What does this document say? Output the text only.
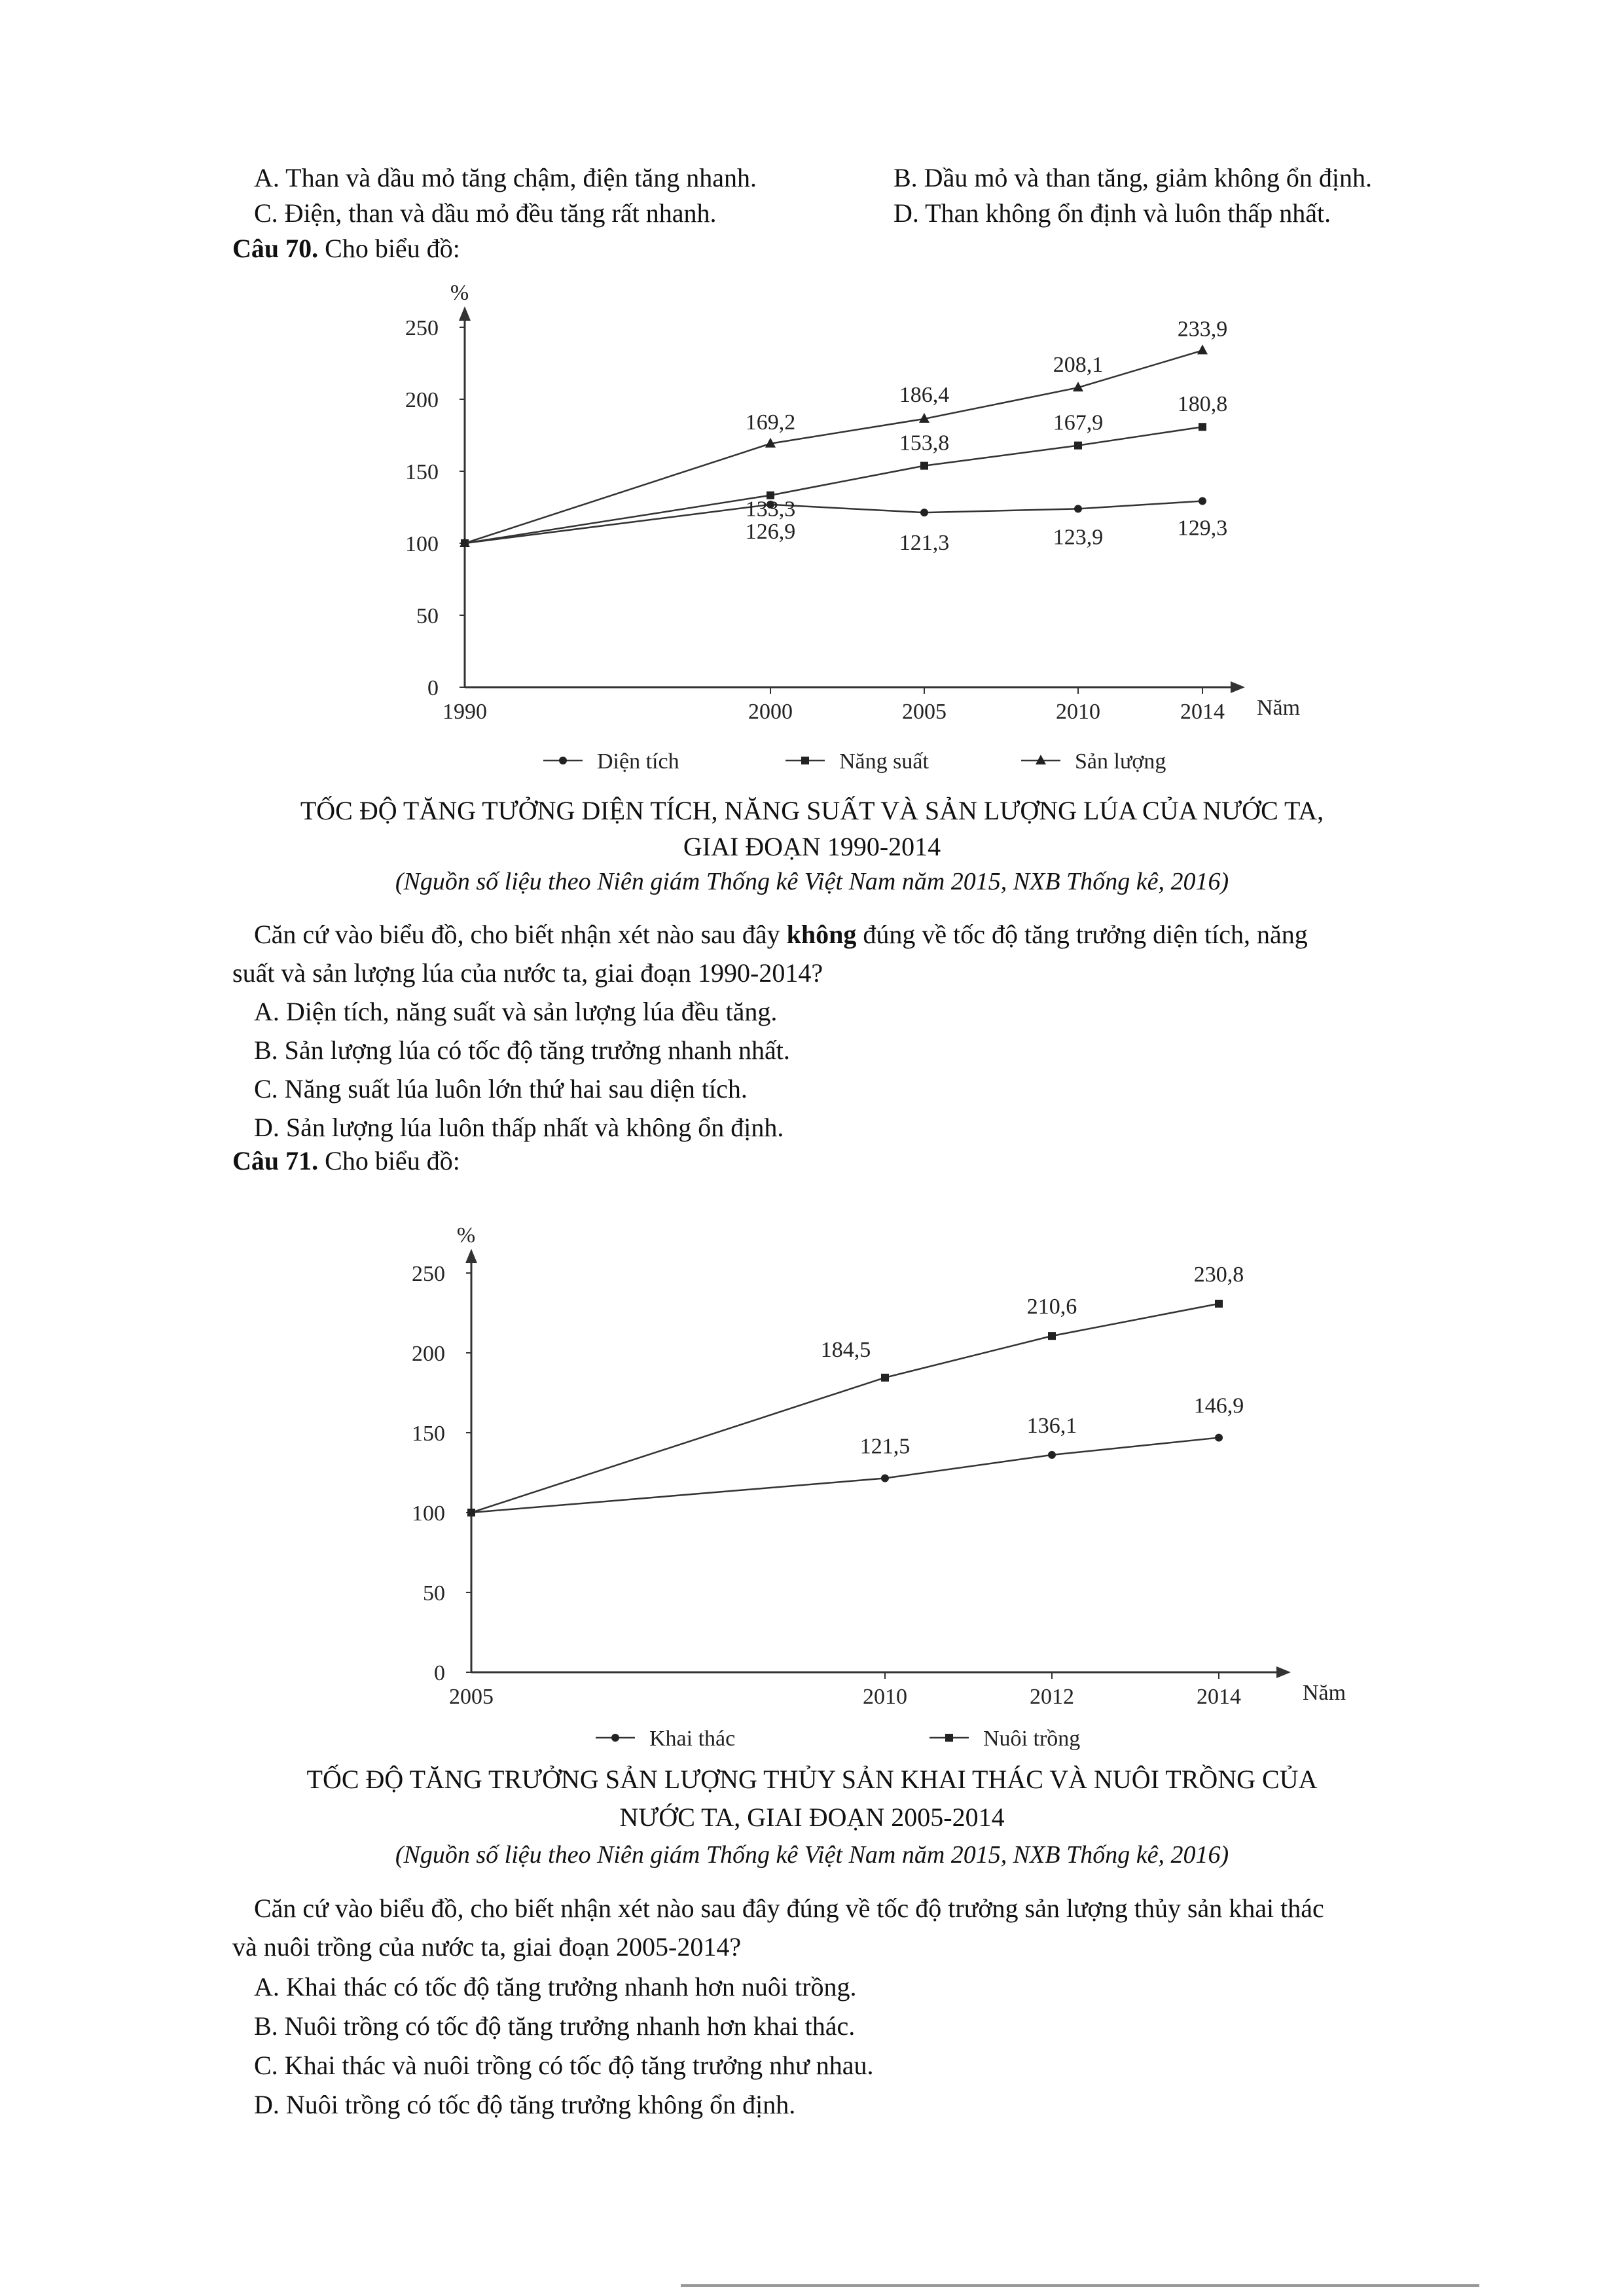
A. Than và dầu mỏ tăng chậm, điện tăng nhanh.	B. Dầu mỏ và than tăng, giảm không ổn định.
C. Điện, than và dầu mỏ đều tăng rất nhanh.	D. Than không ổn định và luôn thấp nhất.
Câu 70. Cho biểu đồ:
%
0
50
100
150
200
250
1990	2000	2005	2010	2014 Năm
126,9	121,3	123,9	129,3
133,3
153,8
167,9
180,8
169,2
186,4
208,1
233,9
Diện tích	Năng suất	Sản lượng
TỐC ĐỘ TĂNG TƯỞNG DIỆN TÍCH, NĂNG SUẤT VÀ SẢN LƯỢNG LÚA CỦA NƯỚC TA,
GIAI ĐOẠN 1990-2014
(Nguồn số liệu theo Niên giám Thống kê Việt Nam năm 2015, NXB Thống kê, 2016)
Căn cứ vào biểu đồ, cho biết nhận xét nào sau đây không đúng về tốc độ tăng trưởng diện tích, năng
suất và sản lượng lúa của nước ta, giai đoạn 1990-2014?
A. Diện tích, năng suất và sản lượng lúa đều tăng.
B. Sản lượng lúa có tốc độ tăng trưởng nhanh nhất.
C. Năng suất lúa luôn lớn thứ hai sau diện tích.
D. Sản lượng lúa luôn thấp nhất và không ổn định.
Câu 71. Cho biểu đồ:
%
0
50
100
150
200
250
2005	2010	2012	2014	Năm
121,5
136,1
146,9
184,5
210,6
230,8
Khai thác	Nuôi trồng
TỐC ĐỘ TĂNG TRƯỞNG SẢN LƯỢNG THỦY SẢN KHAI THÁC VÀ NUÔI TRỒNG CỦA
NƯỚC TA, GIAI ĐOẠN 2005-2014
(Nguồn số liệu theo Niên giám Thống kê Việt Nam năm 2015, NXB Thống kê, 2016)
Căn cứ vào biểu đồ, cho biết nhận xét nào sau đây đúng về tốc độ trưởng sản lượng thủy sản khai thác
và nuôi trồng của nước ta, giai đoạn 2005-2014?
A. Khai thác có tốc độ tăng trưởng nhanh hơn nuôi trồng.
B. Nuôi trồng có tốc độ tăng trưởng nhanh hơn khai thác.
C. Khai thác và nuôi trồng có tốc độ tăng trưởng như nhau.
D. Nuôi trồng có tốc độ tăng trưởng không ổn định.
